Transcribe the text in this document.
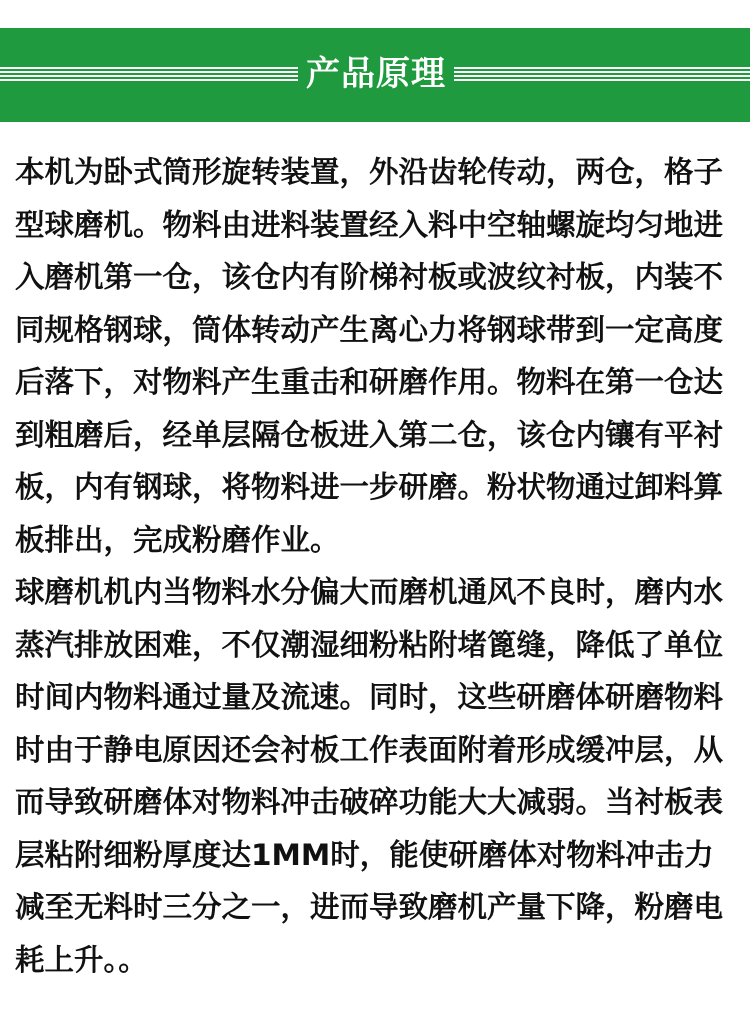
产品原理

本机为卧式筒形旋转装置，外沿齿轮传动，两仓，格子型球磨机。物料由进料装置经入料中空轴螺旋均匀地进入磨机第一仓，该仓内有阶梯衬板或波纹衬板，内装不同规格钢球，筒体转动产生离心力将钢球带到一定高度后落下，对物料产生重击和研磨作用。物料在第一仓达到粗磨后，经单层隔仓板进入第二仓，该仓内镶有平衬板，内有钢球，将物料进一步研磨。粉状物通过卸料算板排出，完成粉磨作业。

球磨机机内当物料水分偏大而磨机通风不良时，磨内水蒸汽排放困难，不仅潮湿细粉粘附堵篦缝，降低了单位时间内物料通过量及流速。同时，这些研磨体研磨物料时由于静电原因还会衬板工作表面附着形成缓冲层，从而导致研磨体对物料冲击破碎功能大大减弱。当衬板表层粘附细粉厚度达1MM时，能使研磨体对物料冲击力减至无料时三分之一，进而导致磨机产量下降，粉磨电耗上升。。
